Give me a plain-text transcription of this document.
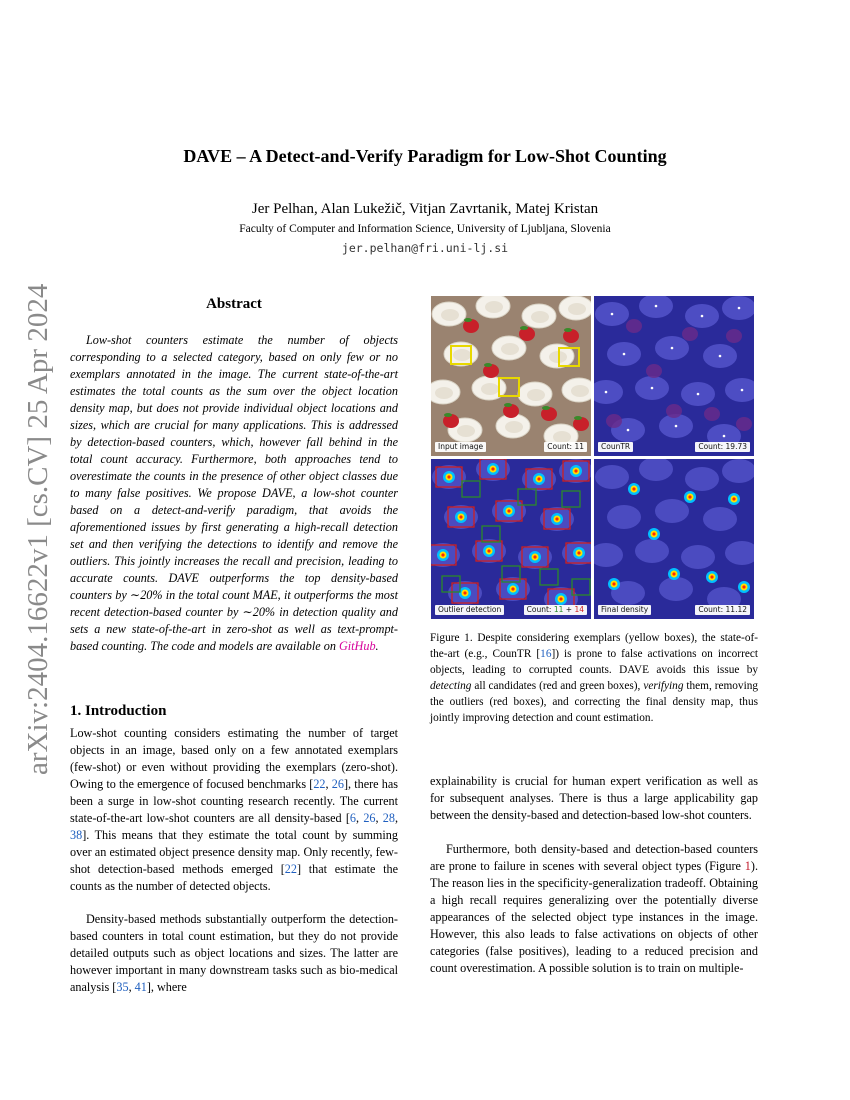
DAVE – A Detect-and-Verify Paradigm for Low-Shot Counting
Jer Pelhan, Alan Lukežič, Vitjan Zavrtanik, Matej Kristan
Faculty of Computer and Information Science, University of Ljubljana, Slovenia
jer.pelhan@fri.uni-lj.si
arXiv:2404.16622v1 [cs.CV] 25 Apr 2024	Abstract
Low-shot counters estimate the number of objects corresponding to a selected category, based on only few or no exemplars annotated in the image. The current state-of-the-art estimates the total counts as the sum over the object location density map, but does not provide individual object locations and sizes, which are crucial for many applications. This is addressed by detection-based counters, which, however fall behind in the total count accuracy. Furthermore, both approaches tend to overestimate the counts in the presence of other object classes due to many false positives. We propose DAVE, a low-shot counter based on a detect-and-verify paradigm, that avoids the aforementioned issues by first generating a high-recall detection set and then verifying the detections to identify and remove the outliers. This jointly increases the recall and precision, leading to accurate counts. DAVE outperforms the top density-based counters by ∼20% in the total count MAE, it outperforms the most recent detection-based counter by ∼20% in detection quality and sets a new state-of-the-art in zero-shot as well as text-prompt-based counting. The code and models are available on GitHub.
1. Introduction
Low-shot counting considers estimating the number of target objects in an image, based only on a few annotated exemplars (few-shot) or even without providing the exemplars (zero-shot). Owing to the emergence of focused benchmarks [22, 26], there has been a surge in low-shot counting research recently. The current state-of-the-art low-shot counters are all density-based [6, 26, 28, 38]. This means that they estimate the total count by summing over an estimated object presence density map. Only recently, few-shot detection-based methods emerged [22] that estimate the counts as the number of detected objects.
Density-based methods substantially outperform the detection-based counters in total count estimation, but they do not provide detailed outputs such as object locations and sizes. The latter are however important in many downstream tasks such as bio-medical analysis [35, 41], where
Input image	Count: 11	CounTR	Count: 19.73
Outlier detection	Count: 11 + 14	Final density	Count: 11.12
Figure 1. Despite considering exemplars (yellow boxes), the state-of-the-art (e.g., CounTR [16]) is prone to false activations on incorrect objects, leading to corrupted counts. DAVE avoids this issue by detecting all candidates (red and green boxes), verifying them, removing the outliers (red boxes), and correcting the final density map, thus jointly improving detection and count estimation.
explainability is crucial for human expert verification as well as for subsequent analyses. There is thus a large applicability gap between the density-based and detection-based low-shot counters.
Furthermore, both density-based and detection-based counters are prone to failure in scenes with several object types (Figure 1). The reason lies in the specificity-generalization tradeoff. Obtaining a high recall requires generalizing over the potentially diverse appearances of the selected object type instances in the image. However, this also leads to false activations on objects of other categories (false positives), leading to a reduced precision and count overestimation. A possible solution is to train on multiple-
